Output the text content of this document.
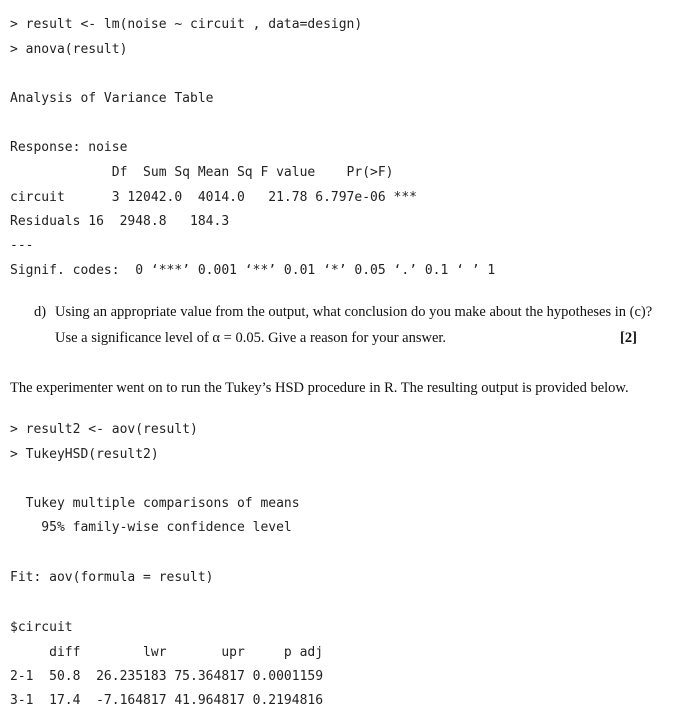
> result <- lm(noise ~ circuit , data=design)
> anova(result)
Analysis of Variance Table
Response: noise
Df  Sum Sq Mean Sq F value    Pr(>F)
circuit      3 12042.0  4014.0   21.78 6.797e-06 ***
Residuals 16  2948.8   184.3
---
Signif. codes:  0 ‘***’ 0.001 ‘**’ 0.01 ‘*’ 0.05 ‘.’ 0.1 ‘ ’ 1
d) Using an appropriate value from the output, what conclusion do you make about the hypotheses in (c)?
Use a significance level of α = 0.05. Give a reason for your answer.	[2]
The experimenter went on to run the Tukey’s HSD procedure in R. The resulting output is provided below.
> result2 <- aov(result)
> TukeyHSD(result2)
Tukey multiple comparisons of means
95% family-wise confidence level
Fit: aov(formula = result)
$circuit
diff        lwr       upr     p adj
2-1  50.8  26.235183 75.364817 0.0001159
3-1  17.4  -7.164817 41.964817 0.2194816
